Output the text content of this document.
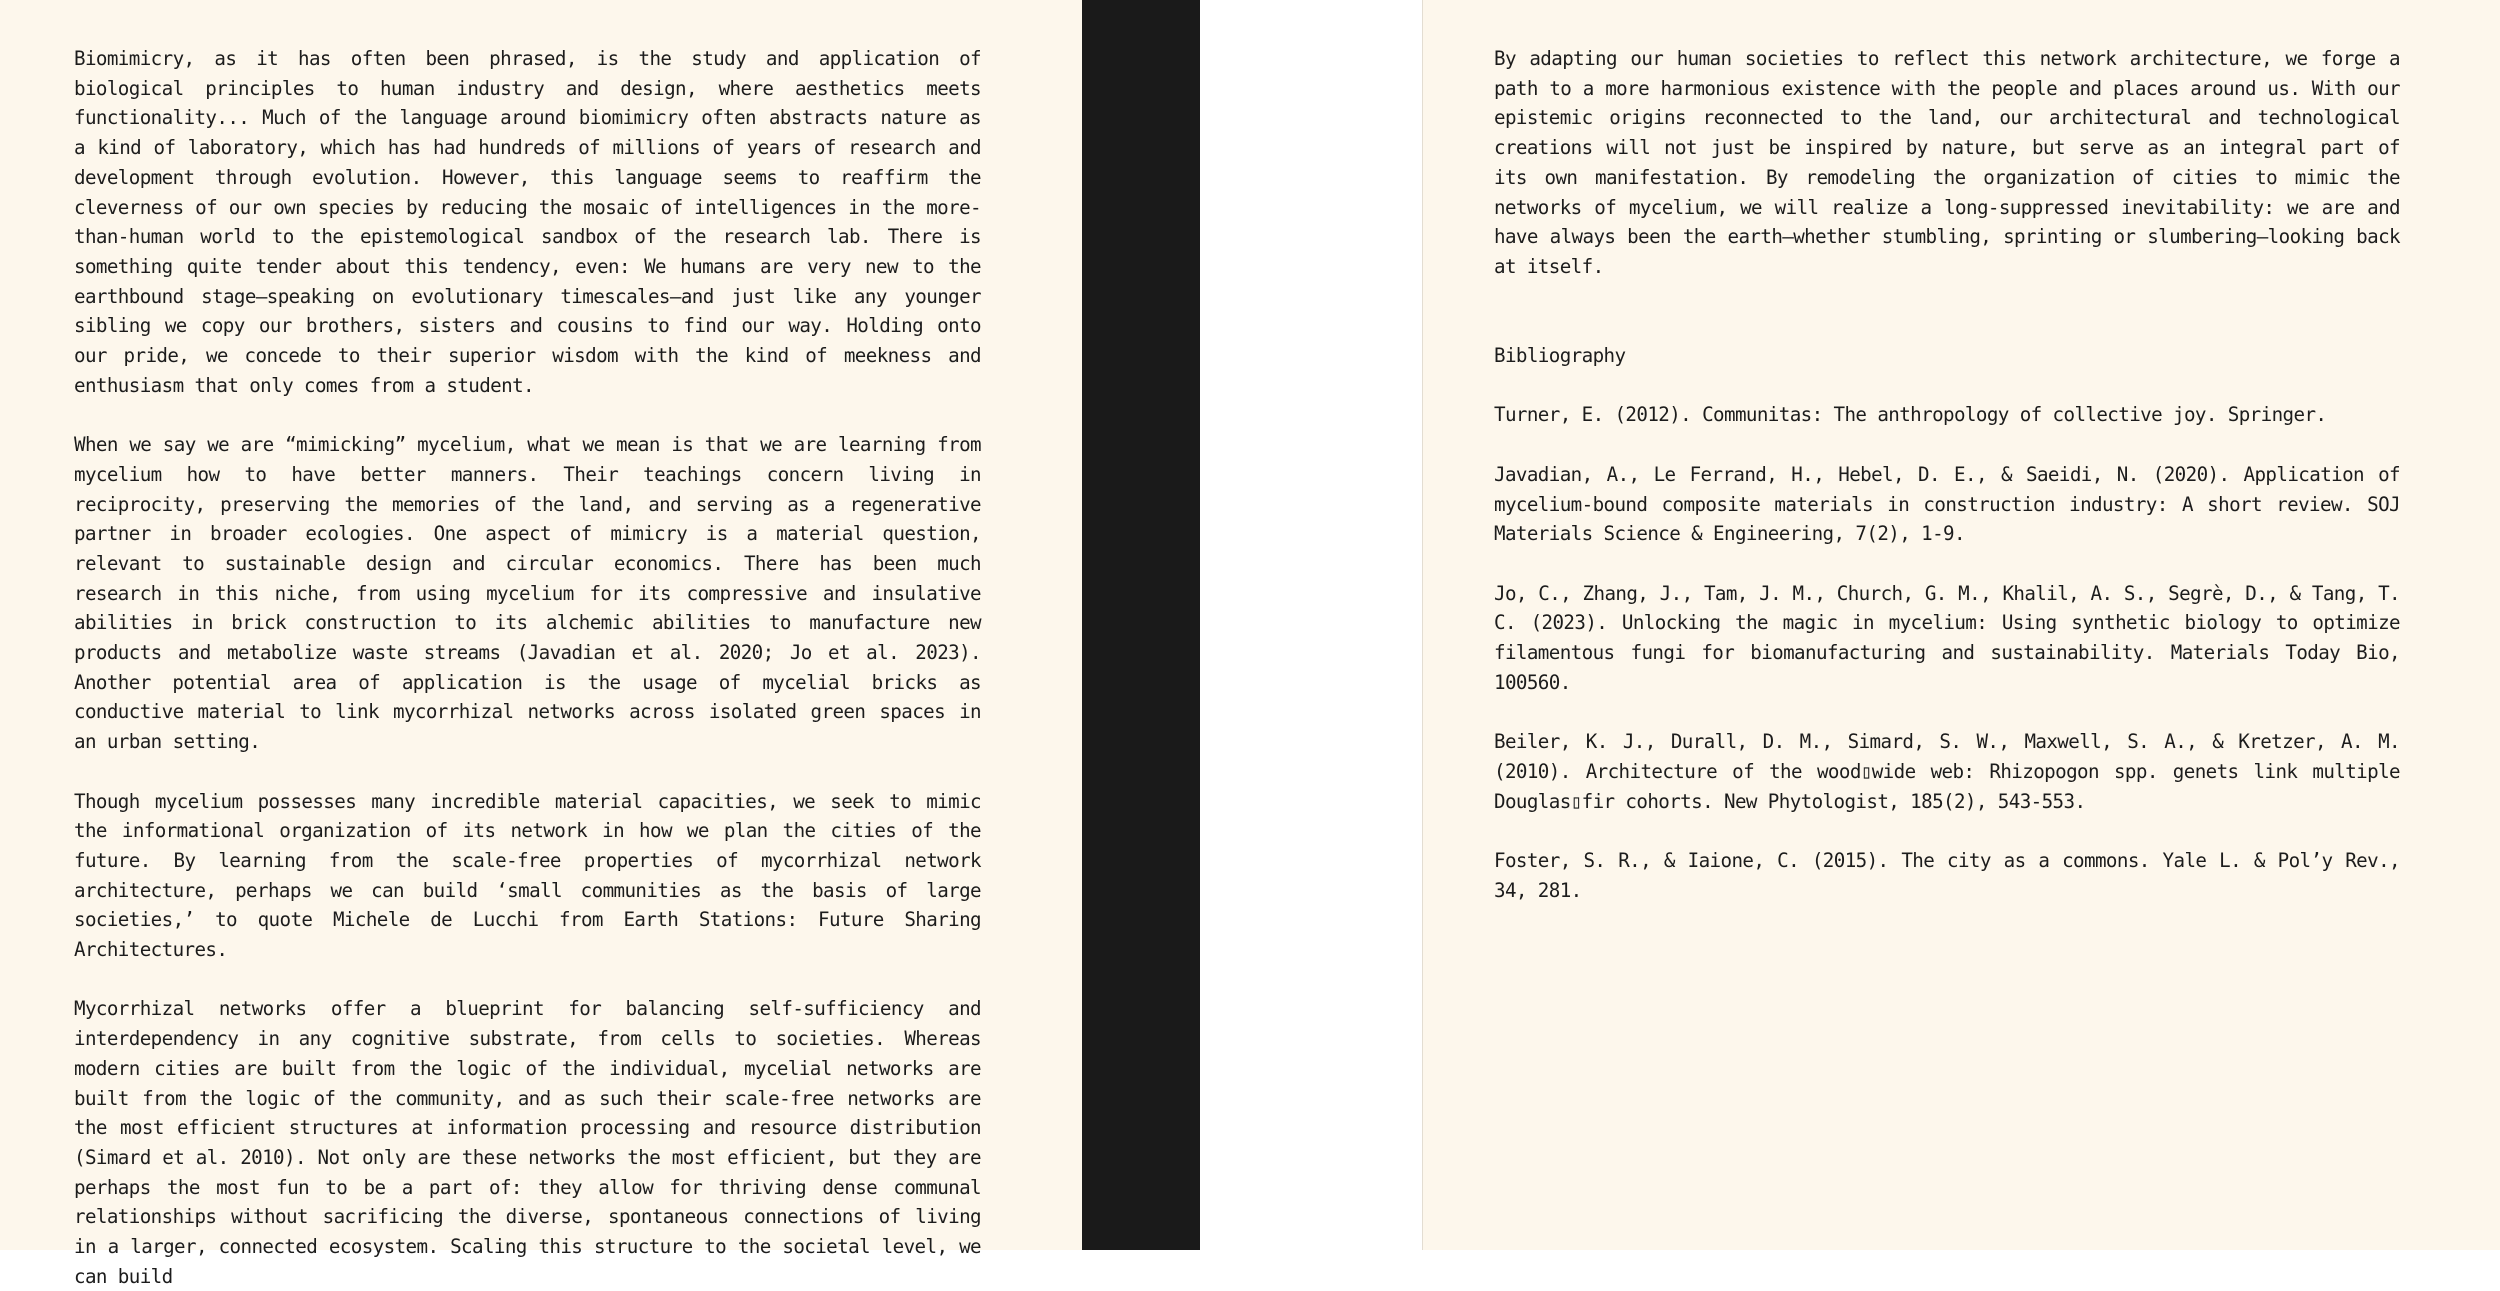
Biomimicry, as it has often been phrased, is the study and application of biological principles to human industry and design, where aesthetics meets functionality... Much of the language around biomimicry often abstracts nature as a kind of laboratory, which has had hundreds of millions of years of research and development through evolution. However, this language seems to reaffirm the cleverness of our own species by reducing the mosaic of intelligences in the more-than-human world to the epistemological sandbox of the research lab. There is something quite tender about this tendency, even: We humans are very new to the earthbound stage—speaking on evolutionary timescales—and just like any younger sibling we copy our brothers, sisters and cousins to find our way. Holding onto our pride, we concede to their superior wisdom with the kind of meekness and enthusiasm that only comes from a student.

When we say we are “mimicking” mycelium, what we mean is that we are learning from mycelium how to have better manners. Their teachings concern living in reciprocity, preserving the memories of the land, and serving as a regenerative partner in broader ecologies. One aspect of mimicry is a material question, relevant to sustainable design and circular economics. There has been much research in this niche, from using mycelium for its compressive and insulative abilities in brick construction to its alchemic abilities to manufacture new products and metabolize waste streams (Javadian et al. 2020; Jo et al. 2023). Another potential area of application is the usage of mycelial bricks as conductive material to link mycorrhizal networks across isolated green spaces in an urban setting.

Though mycelium possesses many incredible material capacities, we seek to mimic the informational organization of its network in how we plan the cities of the future. By learning from the scale-free properties of mycorrhizal network architecture, perhaps we can build ‘small communities as the basis of large societies,’ to quote Michele de Lucchi from Earth Stations: Future Sharing Architectures.

Mycorrhizal networks offer a blueprint for balancing self-sufficiency and interdependency in any cognitive substrate, from cells to societies. Whereas modern cities are built from the logic of the individual, mycelial networks are built from the logic of the community, and as such their scale-free networks are the most efficient structures at information processing and resource distribution (Simard et al. 2010). Not only are these networks the most efficient, but they are perhaps the most fun to be a part of: they allow for thriving dense communal relationships without sacrificing the diverse, spontaneous connections of living in a larger, connected ecosystem. Scaling this structure to the societal level, we can build

By adapting our human societies to reflect this network architecture, we forge a path to a more harmonious existence with the people and places around us. With our epistemic origins reconnected to the land, our architectural and technological creations will not just be inspired by nature, but serve as an integral part of its own manifestation. By remodeling the organization of cities to mimic the networks of mycelium, we will realize a long-suppressed inevitability: we are and have always been the earth—whether stumbling, sprinting or slumbering—looking back at itself.

Bibliography
Turner, E. (2012). Communitas: The anthropology of collective joy. Springer.
Javadian, A., Le Ferrand, H., Hebel, D. E., & Saeidi, N. (2020). Application of mycelium-bound composite materials in construction industry: A short review. SOJ Materials Science & Engineering, 7(2), 1-9.
Jo, C., Zhang, J., Tam, J. M., Church, G. M., Khalil, A. S., Segrè, D., & Tang, T. C. (2023). Unlocking the magic in mycelium: Using synthetic biology to optimize filamentous fungi for biomanufacturing and sustainability. Materials Today Bio, 100560.
Beiler, K. J., Durall, D. M., Simard, S. W., Maxwell, S. A., & Kretzer, A. M. (2010). Architecture of the wood▯wide web: Rhizopogon spp. genets link multiple Douglas▯fir cohorts. New Phytologist, 185(2), 543-553.
Foster, S. R., & Iaione, C. (2015). The city as a commons. Yale L. & Pol’y Rev., 34, 281.
